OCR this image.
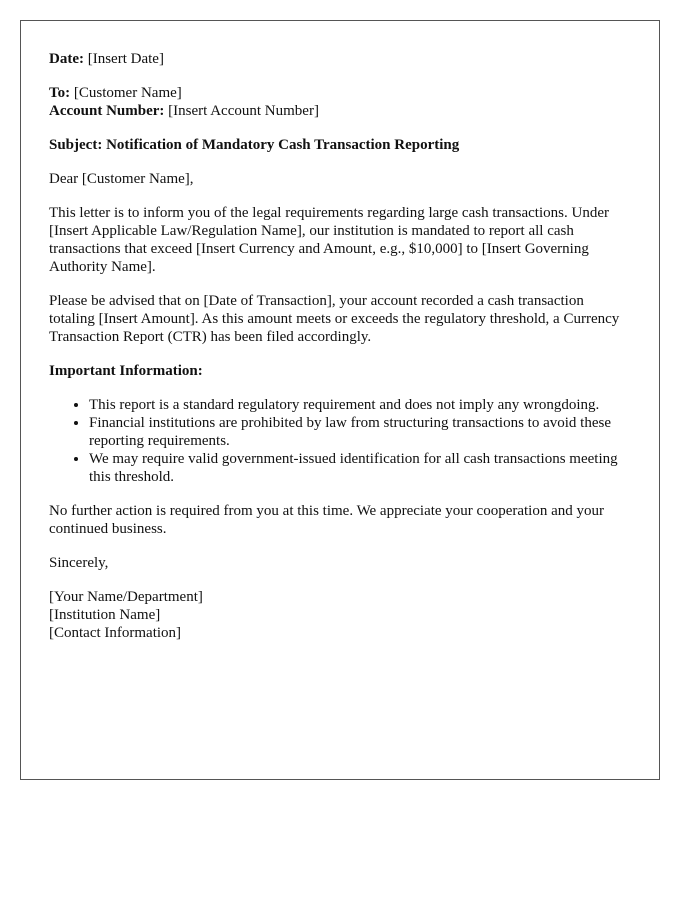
Date: [Insert Date]
To: [Customer Name]
Account Number: [Insert Account Number]
Subject: Notification of Mandatory Cash Transaction Reporting
Dear [Customer Name],
This letter is to inform you of the legal requirements regarding large cash transactions. Under [Insert Applicable Law/Regulation Name], our institution is mandated to report all cash transactions that exceed [Insert Currency and Amount, e.g., $10,000] to [Insert Governing Authority Name].
Please be advised that on [Date of Transaction], your account recorded a cash transaction totaling [Insert Amount]. As this amount meets or exceeds the regulatory threshold, a Currency Transaction Report (CTR) has been filed accordingly.
Important Information:
• This report is a standard regulatory requirement and does not imply any wrongdoing.
• Financial institutions are prohibited by law from structuring transactions to avoid these reporting requirements.
• We may require valid government-issued identification for all cash transactions meeting this threshold.
No further action is required from you at this time. We appreciate your cooperation and your continued business.
Sincerely,
[Your Name/Department]
[Institution Name]
[Contact Information]
